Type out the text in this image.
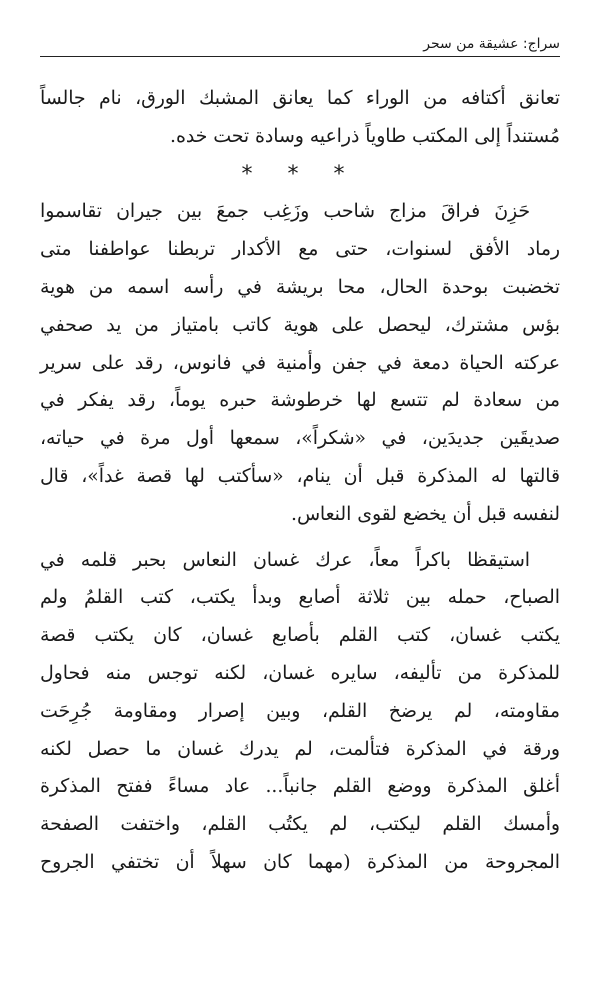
سراج: عشيقة من سحر
تعانق أكتافه من الوراء كما يعانق المشبك الورق، نام جالساً
مُستنداً إلى المكتب طاوياً ذراعيه وسادة تحت خده.
* * *
حَزِنَ فراقَ مزاج شاحب وزَغِب جمعَ بين جيران تقاسموا
رماد الأفق لسنوات، حتى مع الأكدار تربطنا عواطفنا متى
تخضبت بوحدة الحال، محا بريشة في رأسه اسمه من هوية
بؤس مشترك، ليحصل على هوية كاتب بامتياز من يد صحفي
عركته الحياة دمعة في جفن وأمنية في فانوس، رقد على سرير
من سعادة لم تتسع لها خرطوشة حبره يوماً، رقد يفكر في
صديقَين جديدَين، في «شكراً»، سمعها أول مرة في حياته،
قالتها له المذكرة قبل أن ينام، «سأكتب لها قصة غداً»، قال
لنفسه قبل أن يخضع لقوى النعاس.
استيقظا باكراً معاً، عرك غسان النعاس بحبر قلمه في
الصباح، حمله بين ثلاثة أصابع وبدأ يكتب، كتب القلمُ ولم
يكتب غسان، كتب القلم بأصابع غسان، كان يكتب قصة
للمذكرة من تأليفه، سايره غسان، لكنه توجس منه فحاول
مقاومته، لم يرضخ القلم، وبين إصرار ومقاومة جُرِحَت
ورقة في المذكرة فتألمت، لم يدرك غسان ما حصل لكنه
أغلق المذكرة ووضع القلم جانباً... عاد مساءً ففتح المذكرة
وأمسك القلم ليكتب، لم يكتُب القلم، واختفت الصفحة
المجروحة من المذكرة (مهما كان سهلاً أن تختفي الجروح
